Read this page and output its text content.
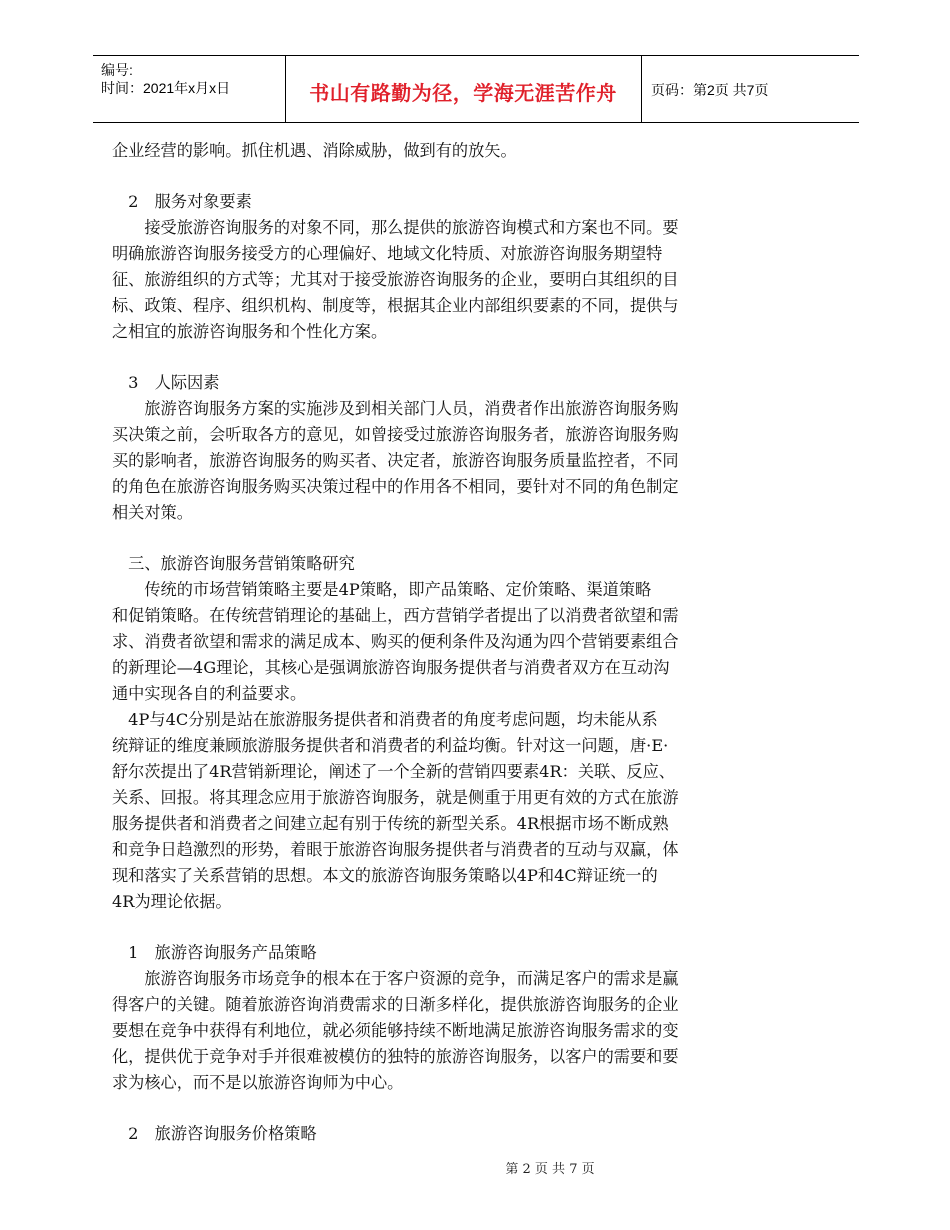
编号:
时间：2021年x月x日	书山有路勤为径，学海无涯苦作舟	页码：第2页 共7页
企业经营的影响。抓住机遇、消除威胁，做到有的放矢。
　2　服务对象要素
　　接受旅游咨询服务的对象不同，那么提供的旅游咨询模式和方案也不同。要
明确旅游咨询服务接受方的心理偏好、地域文化特质、对旅游咨询服务期望特
征、旅游组织的方式等；尤其对于接受旅游咨询服务的企业，要明白其组织的目
标、政策、程序、组织机构、制度等，根据其企业内部组织要素的不同，提供与
之相宜的旅游咨询服务和个性化方案。
　3　人际因素
　　旅游咨询服务方案的实施涉及到相关部门人员，消费者作出旅游咨询服务购
买决策之前，会听取各方的意见，如曾接受过旅游咨询服务者，旅游咨询服务购
买的影响者，旅游咨询服务的购买者、决定者，旅游咨询服务质量监控者，不同
的角色在旅游咨询服务购买决策过程中的作用各不相同，要针对不同的角色制定
相关对策。
　三、旅游咨询服务营销策略研究
　　传统的市场营销策略主要是4P策略，即产品策略、定价策略、渠道策略
和促销策略。在传统营销理论的基础上，西方营销学者提出了以消费者欲望和需
求、消费者欲望和需求的满足成本、购买的便利条件及沟通为四个营销要素组合
的新理论—4G理论，其核心是强调旅游咨询服务提供者与消费者双方在互动沟
通中实现各自的利益要求。
　4P与4C分别是站在旅游服务提供者和消费者的角度考虑问题，均未能从系
统辩证的维度兼顾旅游服务提供者和消费者的利益均衡。针对这一问题，唐·E·
舒尔茨提出了4R营销新理论，阐述了一个全新的营销四要素4R：关联、反应、
关系、回报。将其理念应用于旅游咨询服务，就是侧重于用更有效的方式在旅游
服务提供者和消费者之间建立起有别于传统的新型关系。4R根据市场不断成熟
和竞争日趋激烈的形势，着眼于旅游咨询服务提供者与消费者的互动与双赢，体
现和落实了关系营销的思想。本文的旅游咨询服务策略以4P和4C辩证统一的
4R为理论依据。
　1　旅游咨询服务产品策略
　　旅游咨询服务市场竞争的根本在于客户资源的竞争，而满足客户的需求是赢
得客户的关键。随着旅游咨询消费需求的日渐多样化，提供旅游咨询服务的企业
要想在竞争中获得有利地位，就必须能够持续不断地满足旅游咨询服务需求的变
化，提供优于竞争对手并很难被模仿的独特的旅游咨询服务，以客户的需要和要
求为核心，而不是以旅游咨询师为中心。
　2　旅游咨询服务价格策略
第 2 页 共 7 页
